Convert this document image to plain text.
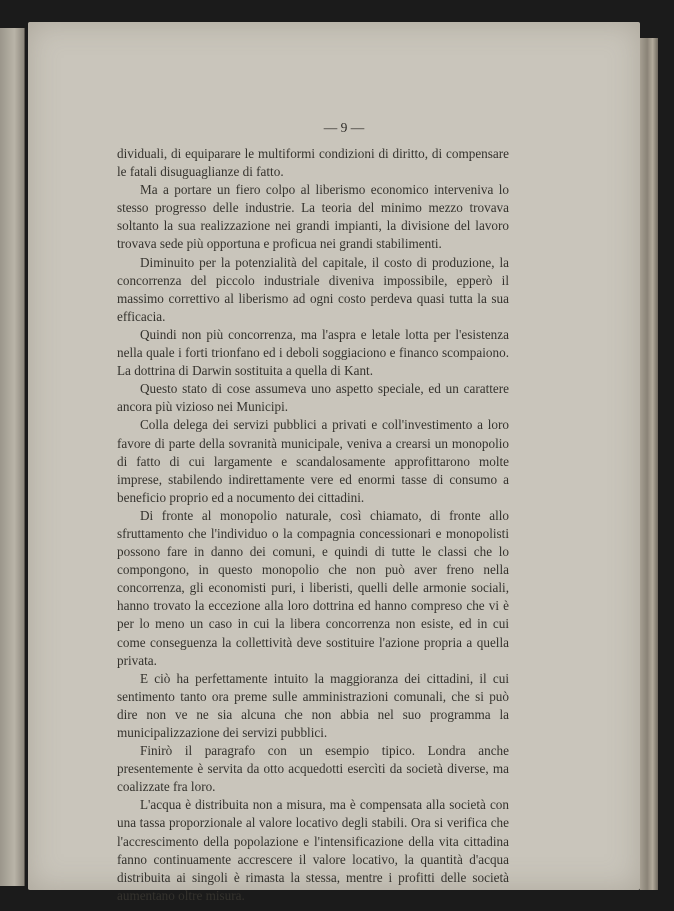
— 9 —

dividuali, di equiparare le multiformi condizioni di diritto, di compensare le fatali disuguaglianze di fatto.

Ma a portare un fiero colpo al liberismo economico interveniva lo stesso progresso delle industrie. La teoria del minimo mezzo trovava soltanto la sua realizzazione nei grandi impianti, la divisione del lavoro trovava sede più opportuna e proficua nei grandi stabilimenti.

Diminuito per la potenzialità del capitale, il costo di produzione, la concorrenza del piccolo industriale diveniva impossibile, epperò il massimo correttivo al liberismo ad ogni costo perdeva quasi tutta la sua efficacia.

Quindi non più concorrenza, ma l'aspra e letale lotta per l'esistenza nella quale i forti trionfano ed i deboli soggiaciono e financo scompaiono. La dottrina di Darwin sostituita a quella di Kant.

Questo stato di cose assumeva uno aspetto speciale, ed un carattere ancora più vizioso nei Municipi.

Colla delega dei servizi pubblici a privati e coll'investimento a loro favore di parte della sovranità municipale, veniva a crearsi un monopolio di fatto di cui largamente e scandalosamente approfittarono molte imprese, stabilendo indirettamente vere ed enormi tasse di consumo a beneficio proprio ed a nocumento dei cittadini.

Di fronte al monopolio naturale, così chiamato, di fronte allo sfruttamento che l'individuo o la compagnia concessionari e monopolisti possono fare in danno dei comuni, e quindi di tutte le classi che lo compongono, in questo monopolio che non può aver freno nella concorrenza, gli economisti puri, i liberisti, quelli delle armonie sociali, hanno trovato la eccezione alla loro dottrina ed hanno compreso che vi è per lo meno un caso in cui la libera concorrenza non esiste, ed in cui come conseguenza la collettività deve sostituire l'azione propria a quella privata.

E ciò ha perfettamente intuito la maggioranza dei cittadini, il cui sentimento tanto ora preme sulle amministrazioni comunali, che si può dire non ve ne sia alcuna che non abbia nel suo programma la municipalizzazione dei servizi pubblici.

Finirò il paragrafo con un esempio tipico. Londra anche presentemente è servita da otto acquedotti esercìti da società diverse, ma coalizzate fra loro.

L'acqua è distribuita non a misura, ma è compensata alla società con una tassa proporzionale al valore locativo degli stabili. Ora si verifica che l'accrescimento della popolazione e l'intensificazione della vita cittadina fanno continuamente accrescere il valore locativo, la quantità d'acqua distribuita ai singoli è rimasta la stessa, mentre i profitti delle società aumentano oltre misura.
